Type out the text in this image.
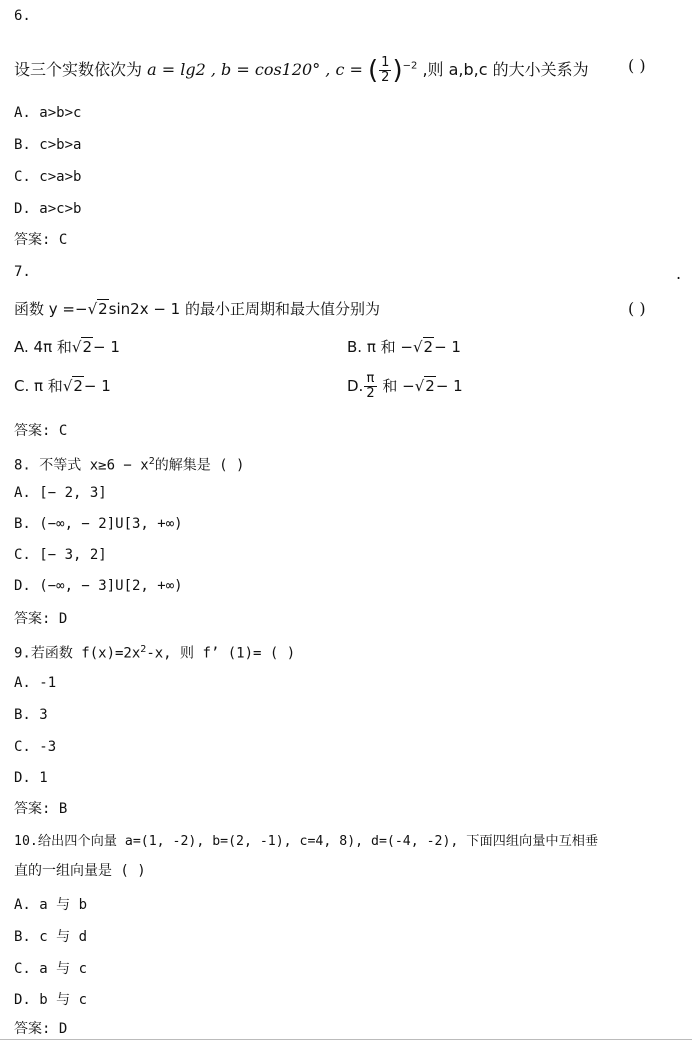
6.
设三个实数依次为 a = lg2 , b = cos120° , c = ( $\frac{1}{2} )^{-2}$ ,则 a,b,c 的大小关系为 ( )
A. a>b>c
B. c>b>a
C. c>a>b
D. a>c>b
答案: C
7.	.
函数 y =−√2sin2x − 1 的最小正周期和最大值分别为	( )
A. 4π 和√2− 1	B. π 和 −√2− 1
C. π 和√2− 1	D. $\frac{\pi}{2}$ 和 −√2− 1
答案: C
8. 不等式 $x\ge 6 - x^2$的解集是 ( )
A. [− 2, 3]
B. (−∞, − 2]U[3, +∞)
C. [− 3, 2]
D. (−∞, − 3]U[2, +∞)
答案: D
9.若函数 $f(x)=2x^2-x$, 则 f’ (1)= ( )
A. -1
B. 3
C. -3
D. 1
答案: B
10.给出四个向量 a=(1, -2), b=(2, -1), c=4, 8), d=(-4, -2), 下面四组向量中互相垂
直的一组向量是 ( )
A. a 与 b
B. c 与 d
C. a 与 c
D. b 与 c
答案: D
